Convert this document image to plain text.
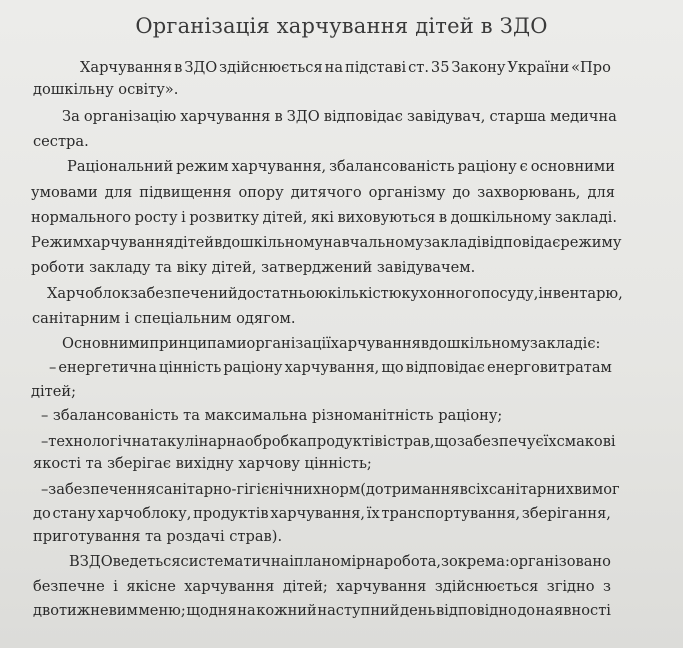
Організація харчування дітей в ЗДО
Харчування в ЗДО здійснюється на підставі ст. 35 Закону України «Про
дошкільну освіту».
За організацію харчування в ЗДО відповідає завідувач, старша медична
сестра.
Раціональний режим харчування, збалансованість раціону є основними
умовами для підвищення опору дитячого організму до захворювань, для
нормального росту і розвитку дітей, які виховуються в дошкільному закладі.
Режим харчування дітей в дошкільному навчальному закладі відповідає режиму
роботи закладу та віку дітей, затверджений завідувачем.
Харчоблок забезпечений достатньою кількістю кухонного посуду, інвентарю,
санітарним і спеціальним одягом.
Основними принципами організації харчування в дошкільному закладі є:
– енергетична цінність раціону харчування, що відповідає енерговитратам
дітей;
– збалансованість та максимальна різноманітність раціону;
– технологічна та кулінарна обробка продуктів і страв, що забезпечує їх смакові
якості та зберігає вихідну харчову цінність;
– забезпечення санітарно-гігієнічних норм (дотримання всіх санітарних вимог
до стану харчоблоку, продуктів харчування, їх транспортування, зберігання,
приготування та роздачі страв).
В ЗДО ведеться систематична і планомірна робота, зокрема: організовано
безпечне і якісне харчування дітей; харчування здійснюється згідно з
двотижневим меню; щодня на кожний наступний день відповідно до наявності
